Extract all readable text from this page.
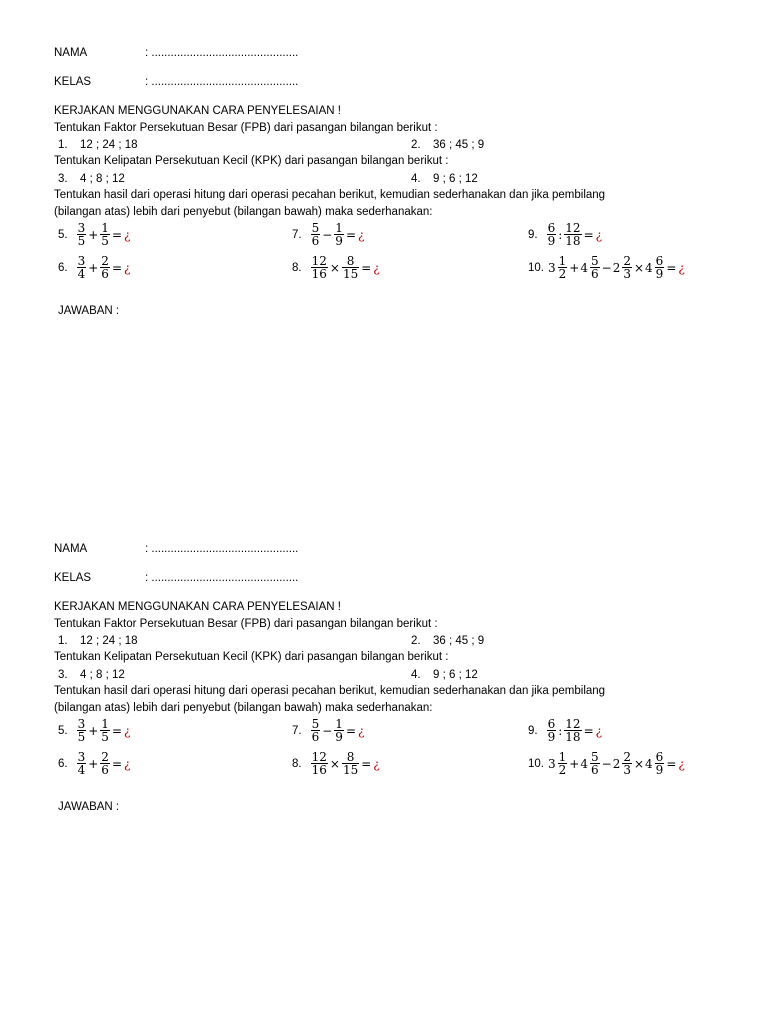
NAMA	: ..............................................
KELAS	: ..............................................
KERJAKAN MENGGUNAKAN CARA PENYELESAIAN !
Tentukan Faktor Persekutuan Besar (FPB) dari pasangan bilangan berikut :
1. 12 ; 24 ; 18	2. 36 ; 45 ; 9
Tentukan Kelipatan Persekutuan Kecil (KPK) dari pasangan bilangan berikut :
3. 4 ; 8 ; 12	4. 9 ; 6 ; 12
Tentukan hasil dari operasi hitung dari operasi pecahan berikut, kemudian sederhanakan dan jika pembilang
(bilangan atas) lebih dari penyebut (bilangan bawah) maka sederhanakan:
5. $\frac{3}{5} + \frac{1}{5}$ = ¿
6. $\frac{3}{4} + \frac{2}{6}$ = ¿
7. $\frac{5}{6} - \frac{1}{9}$ = ¿
8. $\frac{12}{16} \times \frac{8}{15}$ = ¿
9. $\frac{6}{9}$ : $\frac{12}{18}$ = ¿
10. $3 \frac{1}{2} + 4 \frac{5}{6} - 2 \frac{2}{3} \times 4 \frac{6}{9}$ = ¿
JAWABAN :
NAMA	: ..............................................
KELAS	: ..............................................
KERJAKAN MENGGUNAKAN CARA PENYELESAIAN !
Tentukan Faktor Persekutuan Besar (FPB) dari pasangan bilangan berikut :
1. 12 ; 24 ; 18	2. 36 ; 45 ; 9
Tentukan Kelipatan Persekutuan Kecil (KPK) dari pasangan bilangan berikut :
3. 4 ; 8 ; 12	4. 9 ; 6 ; 12
Tentukan hasil dari operasi hitung dari operasi pecahan berikut, kemudian sederhanakan dan jika pembilang
(bilangan atas) lebih dari penyebut (bilangan bawah) maka sederhanakan:
5. $\frac{3}{5} + \frac{1}{5}$ = ¿
6. $\frac{3}{4} + \frac{2}{6}$ = ¿
7. $\frac{5}{6} - \frac{1}{9}$ = ¿
8. $\frac{12}{16} \times \frac{8}{15}$ = ¿
9. $\frac{6}{9}$ : $\frac{12}{18}$ = ¿
10. $3 \frac{1}{2} + 4 \frac{5}{6} - 2 \frac{2}{3} \times 4 \frac{6}{9}$ = ¿
JAWABAN :
